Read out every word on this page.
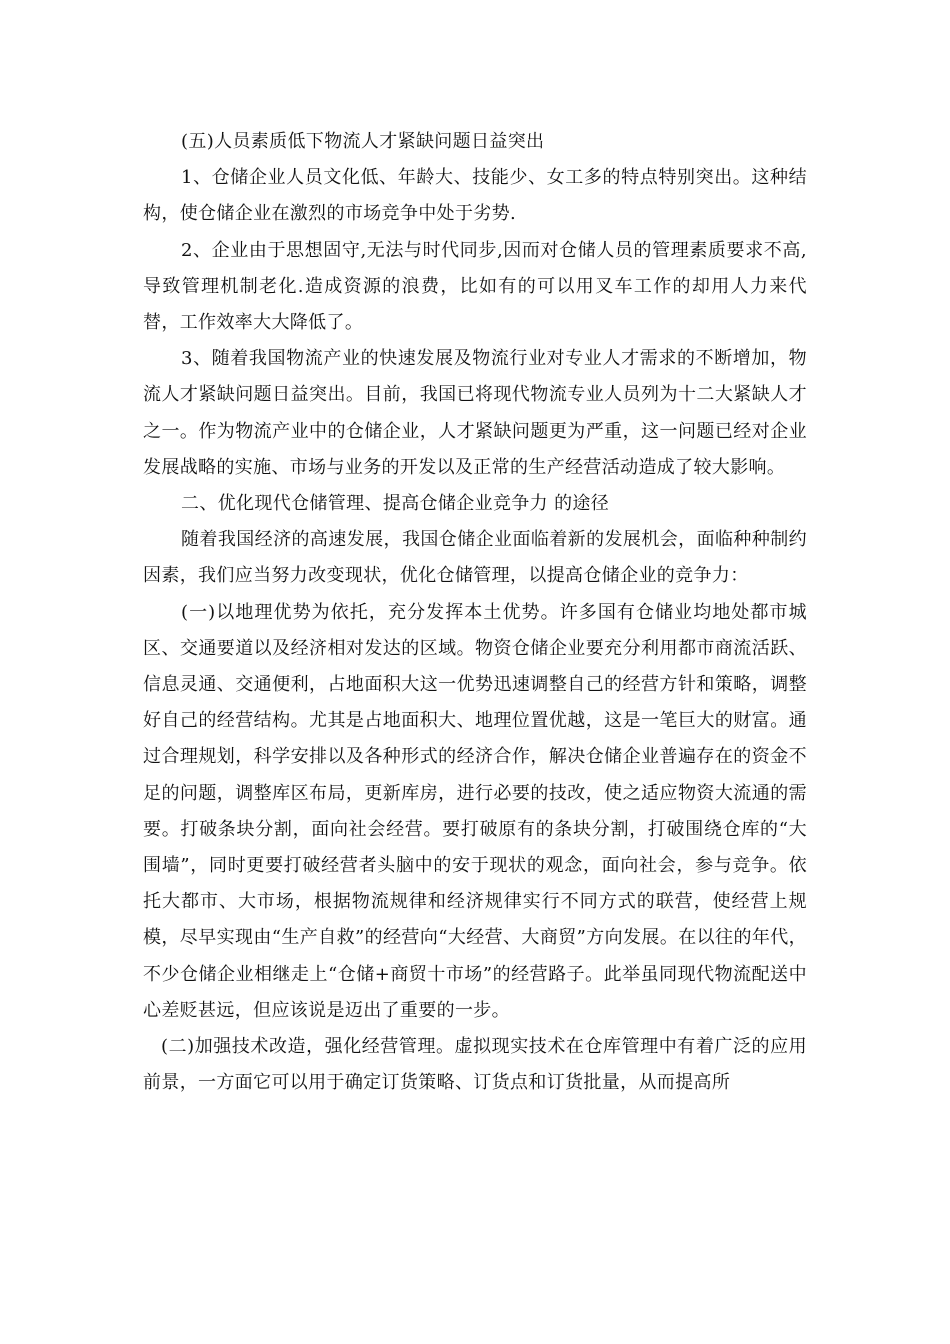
(五)人员素质低下物流人才紧缺问题日益突出

1、仓储企业人员文化低、年龄大、技能少、女工多的特点特别突出。这种结构，使仓储企业在激烈的市场竞争中处于劣势.

2、企业由于思想固守,无法与时代同步,因而对仓储人员的管理素质要求不高,导致管理机制老化.造成资源的浪费，比如有的可以用叉车工作的却用人力来代替，工作效率大大降低了。

3、随着我国物流产业的快速发展及物流行业对专业人才需求的不断增加，物流人才紧缺问题日益突出。目前，我国已将现代物流专业人员列为十二大紧缺人才之一。作为物流产业中的仓储企业，人才紧缺问题更为严重，这一问题已经对企业发展战略的实施、市场与业务的开发以及正常的生产经营活动造成了较大影响。

二、优化现代仓储管理、提高仓储企业竞争力 的途径

随着我国经济的高速发展，我国仓储企业面临着新的发展机会，面临种种制约因素，我们应当努力改变现状，优化仓储管理，以提高仓储企业的竞争力：

(一)以地理优势为依托，充分发挥本土优势。许多国有仓储业均地处都市城区、交通要道以及经济相对发达的区域。物资仓储企业要充分利用都市商流活跃、信息灵通、交通便利，占地面积大这一优势迅速调整自己的经营方针和策略，调整好自己的经营结构。尤其是占地面积大、地理位置优越，这是一笔巨大的财富。通过合理规划，科学安排以及各种形式的经济合作，解决仓储企业普遍存在的资金不足的问题，调整库区布局，更新库房，进行必要的技改，使之适应物资大流通的需要。打破条块分割，面向社会经营。要打破原有的条块分割，打破围绕仓库的“大围墙”，同时更要打破经营者头脑中的安于现状的观念，面向社会，参与竞争。依托大都市、大市场，根据物流规律和经济规律实行不同方式的联营，使经营上规模，尽早实现由“生产自救”的经营向“大经营、大商贸”方向发展。在以往的年代，不少仓储企业相继走上“仓储+商贸十市场”的经营路子。此举虽同现代物流配送中心差贬甚远，但应该说是迈出了重要的一步。

(二)加强技术改造，强化经营管理。虚拟现实技术在仓库管理中有着广泛的应用前景，一方面它可以用于确定订货策略、订货点和订货批量，从而提高所
